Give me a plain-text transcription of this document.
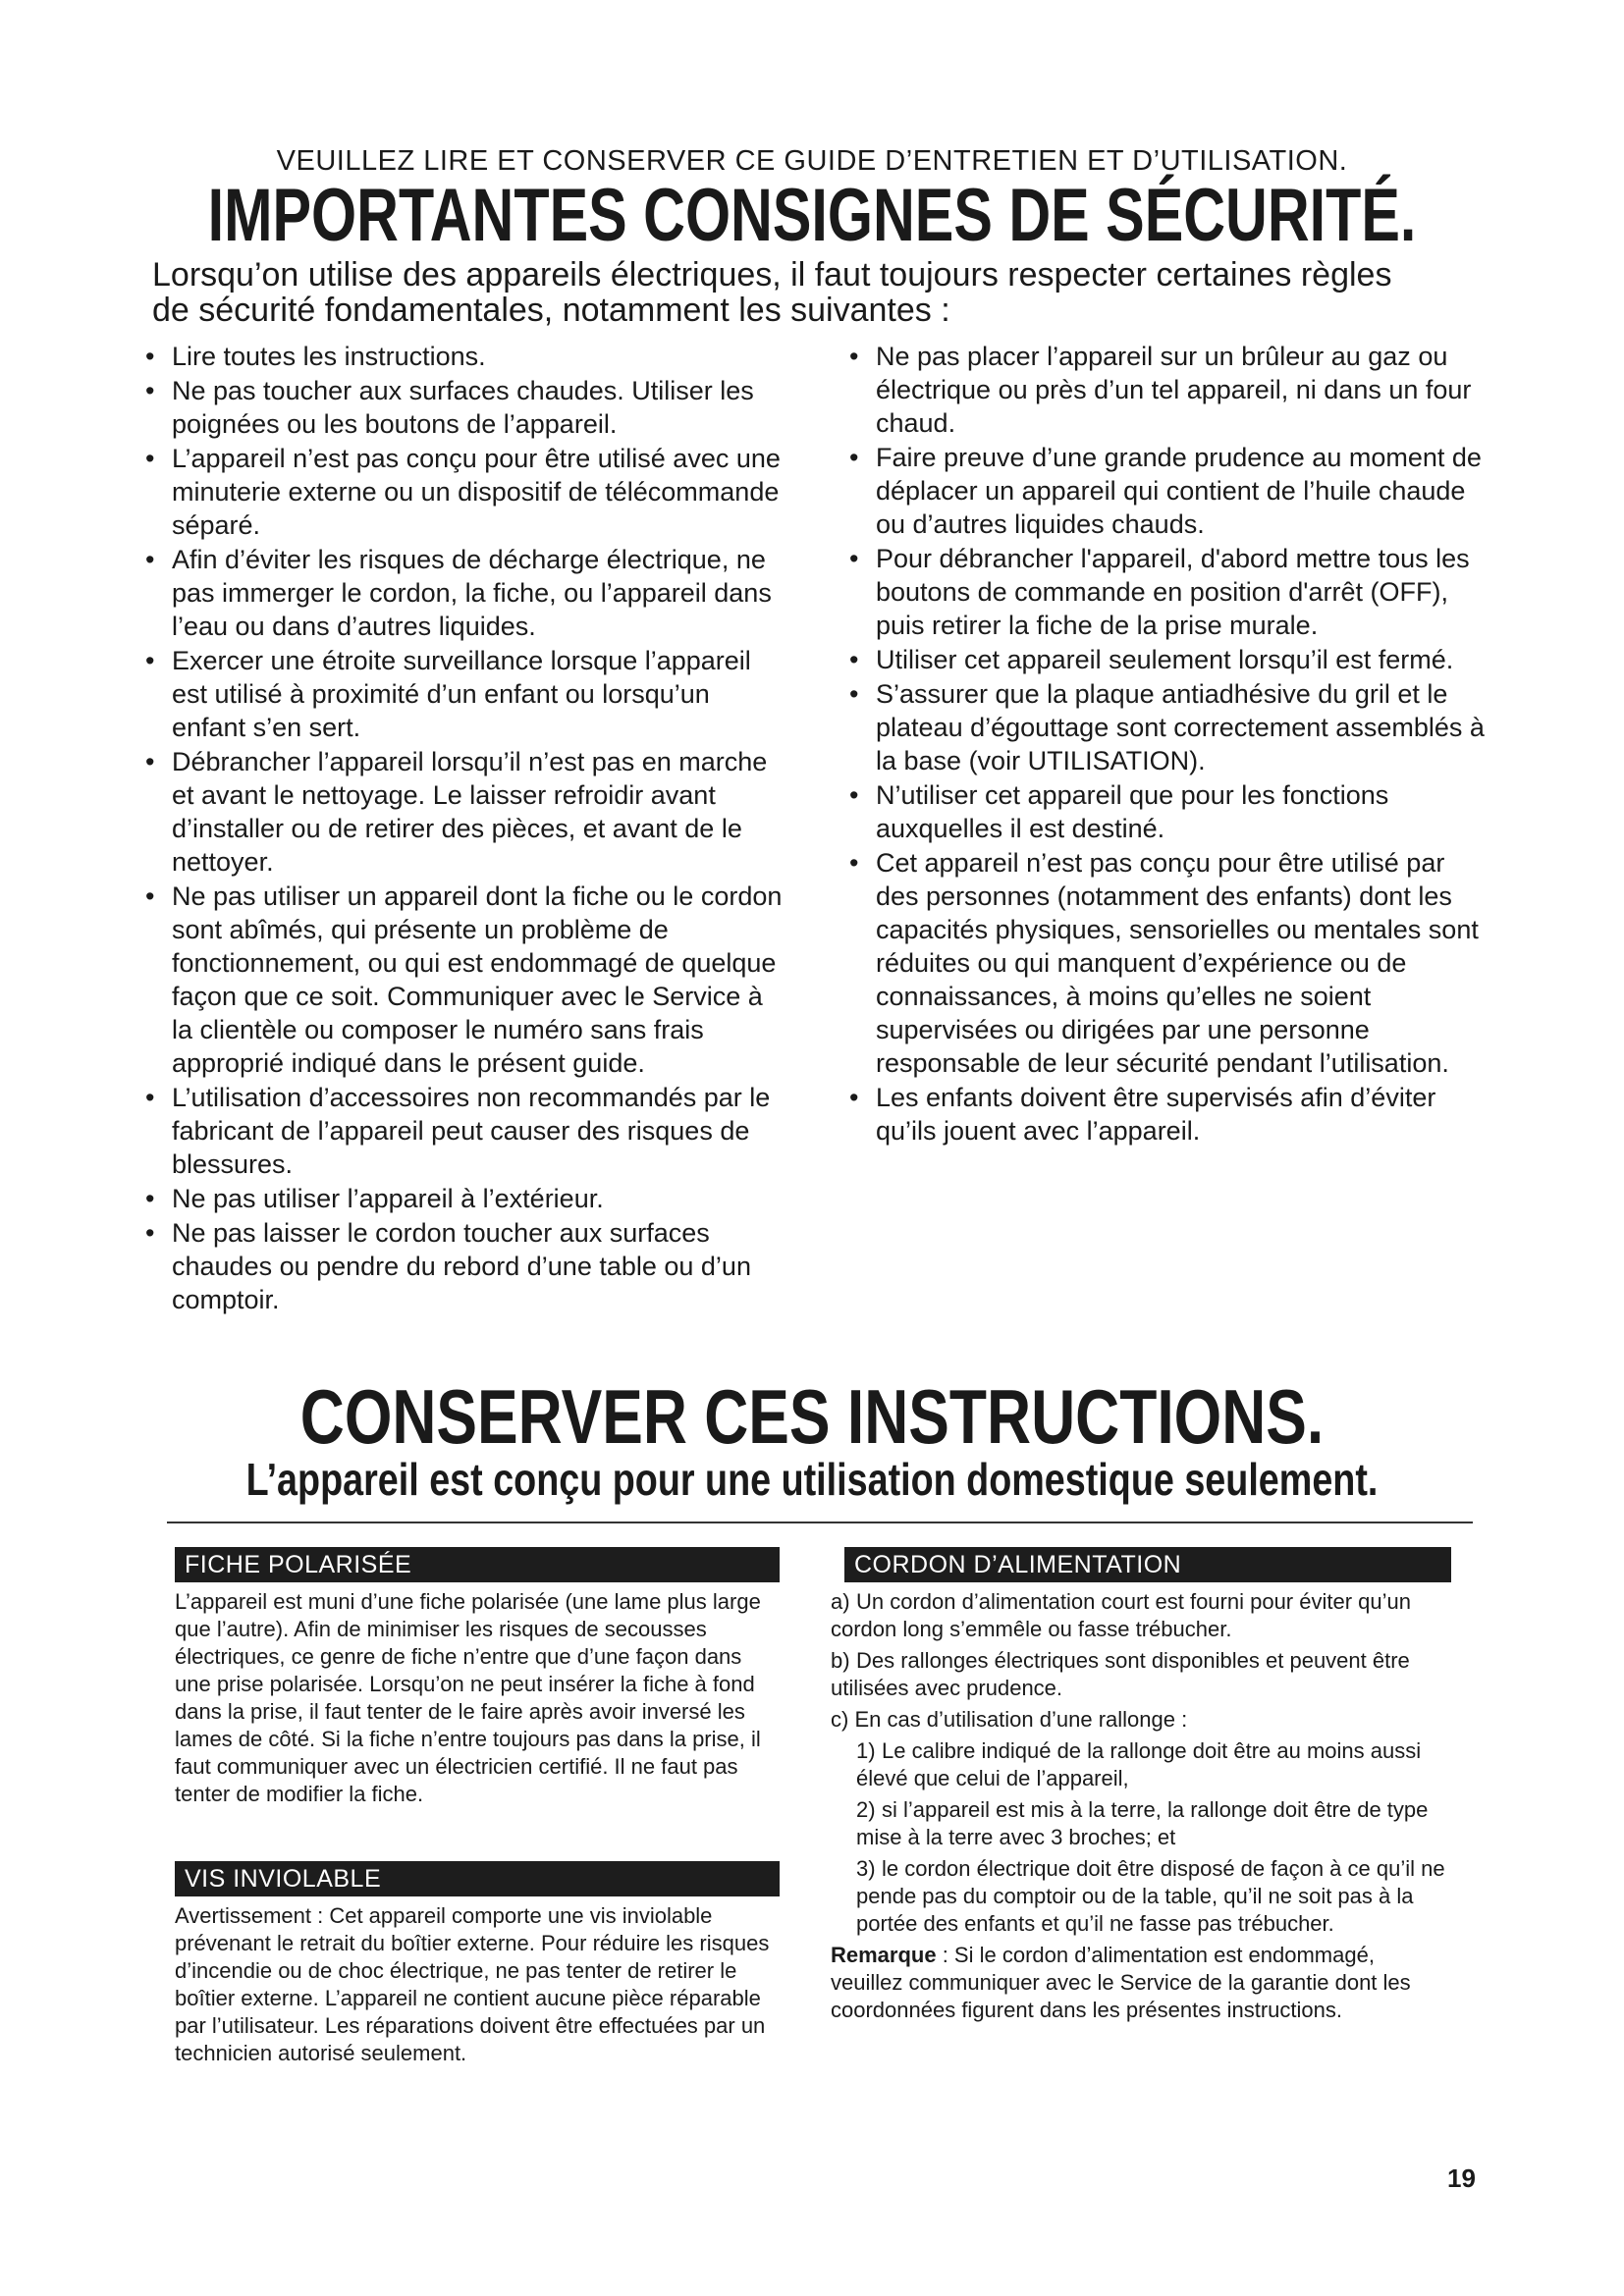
VEUILLEZ LIRE ET CONSERVER CE GUIDE D’ENTRETIEN ET D’UTILISATION.
IMPORTANTES CONSIGNES DE SÉCURITÉ.
Lorsqu’on utilise des appareils électriques, il faut toujours respecter certaines règles de sécurité fondamentales, notamment les suivantes :
• Lire toutes les instructions.
• Ne pas toucher aux surfaces chaudes. Utiliser les poignées ou les boutons de l’appareil.
• L’appareil n’est pas conçu pour être utilisé avec une minuterie externe ou un dispositif de télécommande séparé.
• Afin d’éviter les risques de décharge électrique, ne pas immerger le cordon, la fiche, ou l’appareil dans l’eau ou dans d’autres liquides.
• Exercer une étroite surveillance lorsque l’appareil est utilisé à proximité d’un enfant ou lorsqu’un enfant s’en sert.
• Débrancher l’appareil lorsqu’il n’est pas en marche et avant le nettoyage. Le laisser refroidir avant d’installer ou de retirer des pièces, et avant de le nettoyer.
• Ne pas utiliser un appareil dont la fiche ou le cordon sont abîmés, qui présente un problème de fonctionnement, ou qui est endommagé de quelque façon que ce soit. Communiquer avec le Service à la clientèle ou composer le numéro sans frais approprié indiqué dans le présent guide.
• L’utilisation d’accessoires non recommandés par le fabricant de l’appareil peut causer des risques de blessures.
• Ne pas utiliser l’appareil à l’extérieur.
• Ne pas laisser le cordon toucher aux surfaces chaudes ou pendre du rebord d’une table ou d’un comptoir.
• Ne pas placer l’appareil sur un brûleur au gaz ou électrique ou près d’un tel appareil, ni dans un four chaud.
• Faire preuve d’une grande prudence au moment de déplacer un appareil qui contient de l’huile chaude ou d’autres liquides chauds.
• Pour débrancher l'appareil, d'abord mettre tous les boutons de commande en position d'arrêt (OFF), puis retirer la fiche de la prise murale.
• Utiliser cet appareil seulement lorsqu’il est fermé.
• S’assurer que la plaque antiadhésive du gril et le plateau d’égouttage sont correctement assemblés à la base (voir UTILISATION).
• N’utiliser cet appareil que pour les fonctions auxquelles il est destiné.
• Cet appareil n’est pas conçu pour être utilisé par des personnes (notamment des enfants) dont les capacités physiques, sensorielles ou mentales sont réduites ou qui manquent d’expérience ou de connaissances, à moins qu’elles ne soient supervisées ou dirigées par une personne responsable de leur sécurité pendant l’utilisation.
• Les enfants doivent être supervisés afin d’éviter qu’ils jouent avec l’appareil.
CONSERVER CES INSTRUCTIONS.
L’appareil est conçu pour une utilisation domestique seulement.
FICHE POLARISÉE

L’appareil est muni d’une fiche polarisée (une lame plus large que l’autre). Afin de minimiser les risques de secousses électriques, ce genre de fiche n’entre que d’une façon dans une prise polarisée. Lorsqu’on ne peut insérer la fiche à fond dans la prise, il faut tenter de le faire après avoir inversé les lames de côté. Si la fiche n’entre toujours pas dans la prise, il faut communiquer avec un électricien certifié. Il ne faut pas tenter de modifier la fiche.

VIS INVIOLABLE

Avertissement : Cet appareil comporte une vis inviolable prévenant le retrait du boîtier externe. Pour réduire les risques d’incendie ou de choc électrique, ne pas tenter de retirer le boîtier externe. L’appareil ne contient aucune pièce réparable par l’utilisateur. Les réparations doivent être effectuées par un technicien autorisé seulement.

CORDON D’ALIMENTATION
a) Un cordon d’alimentation court est fourni pour éviter qu’un cordon long s’emmêle ou fasse trébucher.
b) Des rallonges électriques sont disponibles et peuvent être utilisées avec prudence.
c) En cas d’utilisation d’une rallonge :
1) Le calibre indiqué de la rallonge doit être au moins aussi élevé que celui de l’appareil,
2) si l’appareil est mis à la terre, la rallonge doit être de type mise à la terre avec 3 broches; et
3) le cordon électrique doit être disposé de façon à ce qu’il ne pende pas du comptoir ou de la table, qu’il ne soit pas à la portée des enfants et qu’il ne fasse pas trébucher.

Remarque : Si le cordon d’alimentation est endommagé, veuillez communiquer avec le Service de la garantie dont les coordonnées figurent dans les présentes instructions.

19
